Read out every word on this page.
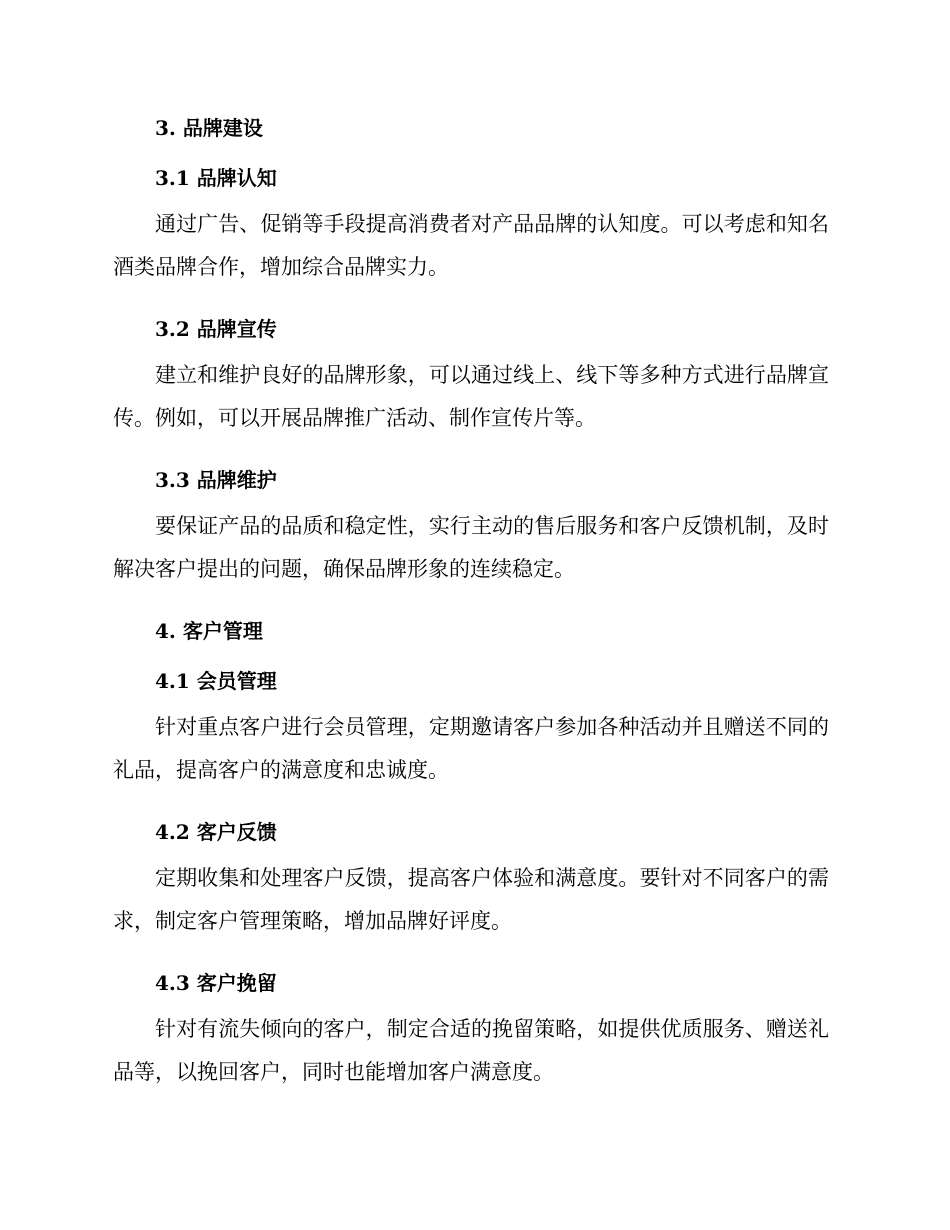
3. 品牌建设
3.1 品牌认知

通过广告、促销等手段提高消费者对产品品牌的认知度。可以考虑和知名酒类品牌合作，增加综合品牌实力。

3.2 品牌宣传

建立和维护良好的品牌形象，可以通过线上、线下等多种方式进行品牌宣传。例如，可以开展品牌推广活动、制作宣传片等。

3.3 品牌维护

要保证产品的品质和稳定性，实行主动的售后服务和客户反馈机制，及时解决客户提出的问题，确保品牌形象的连续稳定。

4. 客户管理
4.1 会员管理

针对重点客户进行会员管理，定期邀请客户参加各种活动并且赠送不同的礼品，提高客户的满意度和忠诚度。

4.2 客户反馈

定期收集和处理客户反馈，提高客户体验和满意度。要针对不同客户的需求，制定客户管理策略，增加品牌好评度。

4.3 客户挽留

针对有流失倾向的客户，制定合适的挽留策略，如提供优质服务、赠送礼品等，以挽回客户，同时也能增加客户满意度。
